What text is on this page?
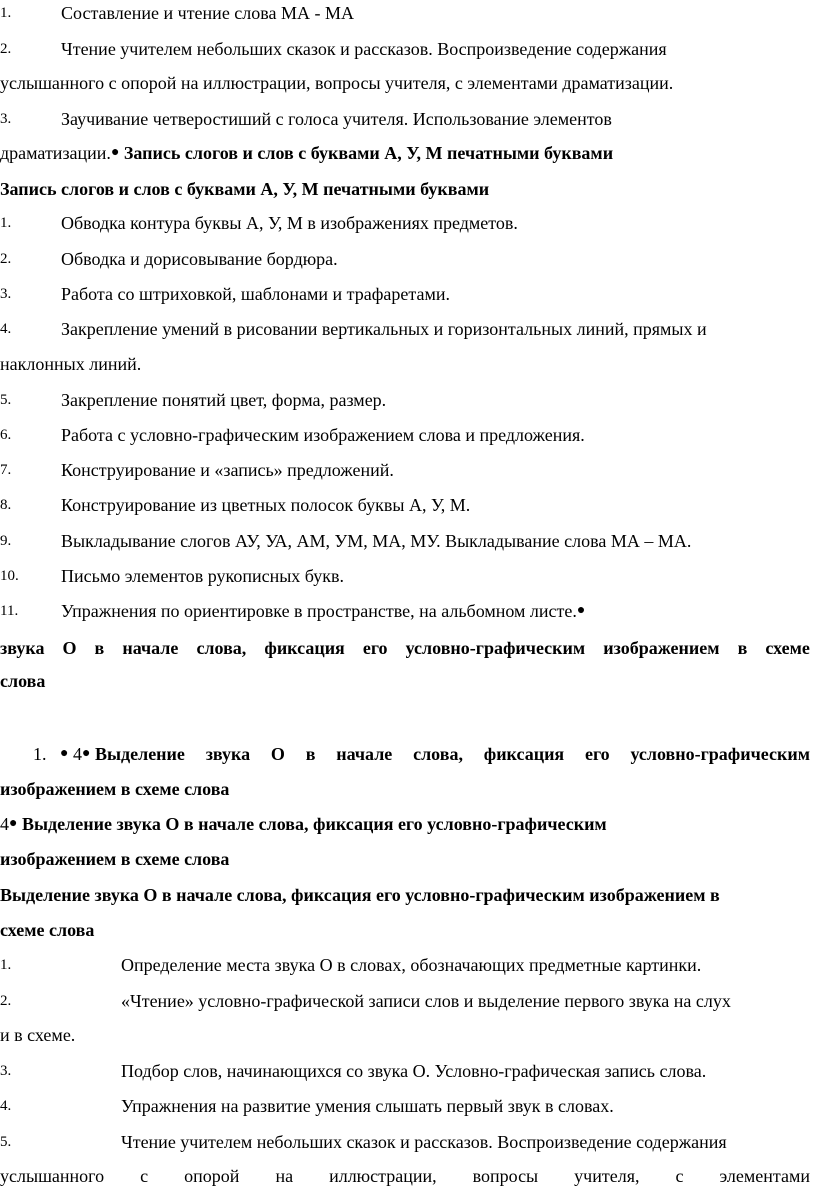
1.	Составление и чтение слова МА - МА
2.	Чтение учителем небольших сказок и рассказов. Воспроизведение содержания
услышанного с опорой на иллюстрации, вопросы учителя, с элементами драматизации.
3.	Заучивание четверостиший с голоса учителя. Использование элементов
драматизации.● Запись слогов и слов с буквами А, У, М печатными буквами
Запись слогов и слов с буквами А, У, М печатными буквами
1.	Обводка контура буквы А, У, М в изображениях предметов.
2.	Обводка и дорисовывание бордюра.
3.	Работа со штриховкой, шаблонами и трафаретами.
4.	Закрепление умений в рисовании вертикальных и горизонтальных линий, прямых и
наклонных линий.
5.	Закрепление понятий цвет, форма, размер.
6.	Работа с условно-графическим изображением слова и предложения.
7.	Конструирование и «запись» предложений.
8.	Конструирование из цветных полосок буквы А, У, М.
9.	Выкладывание слогов АУ, УА, АМ, УМ, МА, МУ. Выкладывание слова МА – МА.
10. Письмо элементов рукописных букв.
11. Упражнения по ориентировке в пространстве, на альбомном листе.●
звука О в начале слова, фиксация его условно-графическим изображением в схеме
слова
1. ● 4● Выделение звука О в начале слова, фиксация его условно-графическим
изображением в схеме слова
4● Выделение звука О в начале слова, фиксация его условно-графическим
изображением в схеме слова
Выделение звука О в начале слова, фиксация его условно-графическим изображением в
схеме слова
1.	Определение места звука О в словах, обозначающих предметные картинки.
2.	«Чтение» условно-графической записи слов и выделение первого звука на слух
и в схеме.
3.	Подбор слов, начинающихся со звука О. Условно-графическая запись слова.
4.	Упражнения на развитие умения слышать первый звук в словах.
5.	Чтение учителем небольших сказок и рассказов. Воспроизведение содержания
услышанного с опорой на иллюстрации, вопросы учителя, с элементами
